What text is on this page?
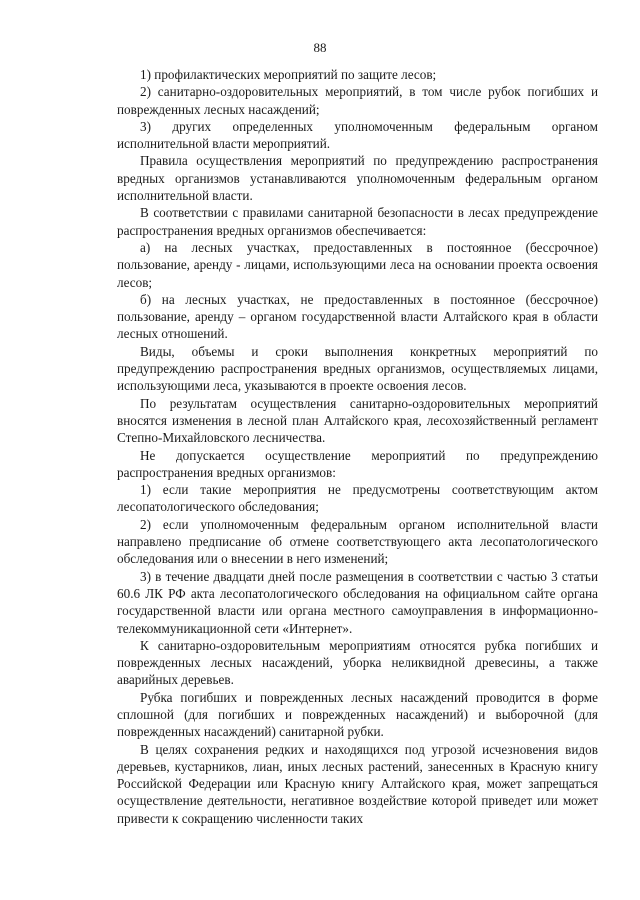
88

1) профилактических мероприятий по защите лесов;

2) санитарно-оздоровительных мероприятий, в том числе рубок погибших и поврежденных лесных насаждений;

3) других определенных уполномоченным федеральным органом исполнительной власти мероприятий.

Правила осуществления мероприятий по предупреждению распространения вредных организмов устанавливаются уполномоченным федеральным органом исполнительной власти.

В соответствии с правилами санитарной безопасности в лесах предупреждение распространения вредных организмов обеспечивается:

а) на лесных участках, предоставленных в постоянное (бессрочное) пользование, аренду - лицами, использующими леса на основании проекта освоения лесов;

б) на лесных участках, не предоставленных в постоянное (бессрочное) пользование, аренду – органом государственной власти Алтайского края в области лесных отношений.

Виды, объемы и сроки выполнения конкретных мероприятий по предупреждению распространения вредных организмов, осуществляемых лицами, использующими леса, указываются в проекте освоения лесов.

По результатам осуществления санитарно-оздоровительных мероприятий вносятся изменения в лесной план Алтайского края, лесохозяйственный регламент Степно-Михайловского лесничества.

Не допускается осуществление мероприятий по предупреждению распространения вредных организмов:

1) если такие мероприятия не предусмотрены соответствующим актом лесопатологического обследования;

2) если уполномоченным федеральным органом исполнительной власти направлено предписание об отмене соответствующего акта лесопатологического обследования или о внесении в него изменений;

3) в течение двадцати дней после размещения в соответствии с частью 3 статьи 60.6 ЛК РФ акта лесопатологического обследования на официальном сайте органа государственной власти или органа местного самоуправления в информационно-телекоммуникационной сети «Интернет».

К санитарно-оздоровительным мероприятиям относятся рубка погибших и поврежденных лесных насаждений, уборка неликвидной древесины, а также аварийных деревьев.

Рубка погибших и поврежденных лесных насаждений проводится в форме сплошной (для погибших и поврежденных насаждений) и выборочной (для поврежденных насаждений) санитарной рубки.

В целях сохранения редких и находящихся под угрозой исчезновения видов деревьев, кустарников, лиан, иных лесных растений, занесенных в Красную книгу Российской Федерации или Красную книгу Алтайского края, может запрещаться осуществление деятельности, негативное воздействие которой приведет или может привести к сокращению численности таких
